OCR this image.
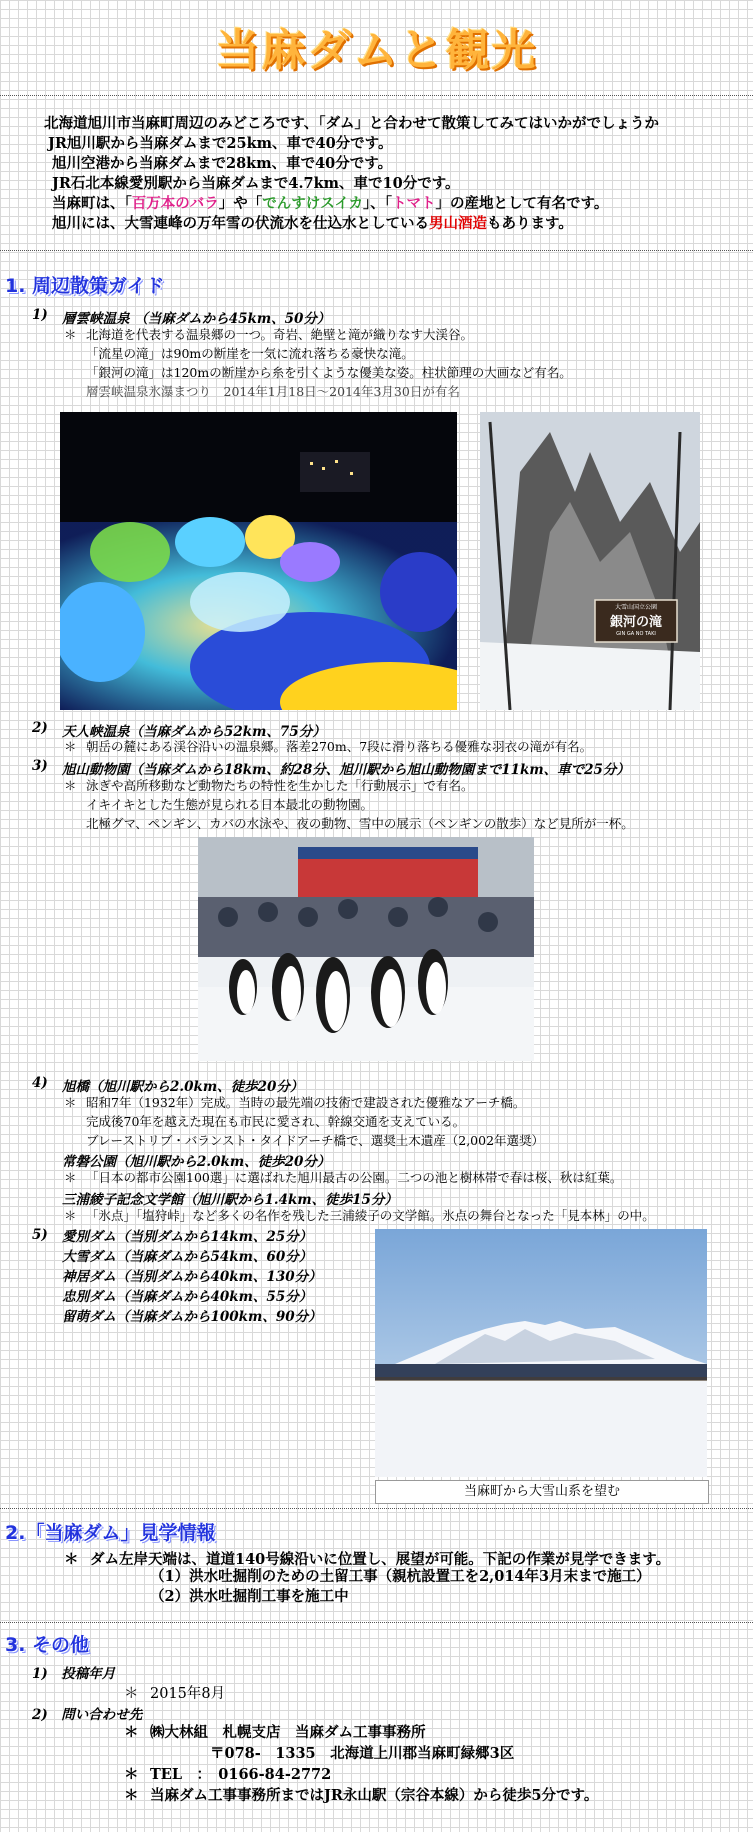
当麻ダムと観光
北海道旭川市当麻町周辺のみどころです、「ダム」と合わせて散策してみてはいかがでしょうか
JR旭川駅から当麻ダムまで25km、車で40分です。
旭川空港から当麻ダムまで28km、車で40分です。
JR石北本線愛別駅から当麻ダムまで4.7km、車で10分です。
当麻町は、「百万本のバラ」や「でんすけスイカ」、「トマト」の産地として有名です。
旭川には、大雪連峰の万年雪の伏流水を仕込水としている男山酒造もあります。
1. 周辺散策ガイド
1) 層雲峡温泉 （当麻ダムから45km、50分）
＊ 北海道を代表する温泉郷の一つ。奇岩、絶壁と滝が織りなす大渓谷。
「流星の滝」は90mの断崖を一気に流れ落ちる豪快な滝。
「銀河の滝」は120mの断崖から糸を引くような優美な姿。柱状節理の大画など有名。
層雲峡温泉氷瀑まつり　2014年1月18日～2014年3月30日が有名
大雪山国立公園
銀河の滝
GIN GA NO TAKI
2) 天人峡温泉（当麻ダムから52km、75分）
＊ 朝岳の麓にある渓谷沿いの温泉郷。落差270m、7段に滑り落ちる優雅な羽衣の滝が有名。
3) 旭山動物園（当麻ダムから18km、約28分、旭川駅から旭山動物園まで11km、車で25分）
＊ 泳ぎや高所移動など動物たちの特性を生かした「行動展示」で有名。
イキイキとした生態が見られる日本最北の動物園。
北極グマ、ペンギン、カバの水泳や、夜の動物、雪中の展示（ペンギンの散歩）など見所が一杯。
4) 旭橋（旭川駅から2.0km、徒歩20分）
＊ 昭和7年（1932年）完成。当時の最先端の技術で建設された優雅なアーチ橋。
完成後70年を越えた現在も市民に愛され、幹線交通を支えている。
ブレーストリブ・バランスト・タイドアーチ橋で、選奨土木遺産（2,002年選奨）
常磐公園（旭川駅から2.0km、徒歩20分）
＊ 「日本の都市公園100選」に選ばれた旭川最古の公園。二つの池と樹林帯で春は桜、秋は紅葉。
三浦綾子記念文学館（旭川駅から1.4km、徒歩15分）
＊ 「氷点」「塩狩峠」など多くの名作を残した三浦綾子の文学館。氷点の舞台となった「見本林」の中。
5) 愛別ダム（当別ダムから14km、25分）
大雪ダム（当麻ダムから54km、60分）
神居ダム（当別ダムから40km、130分）
忠別ダム（当麻ダムから40km、55分）
留萌ダム（当麻ダムから100km、90分）
当麻町から大雪山系を望む
2.「当麻ダム」見学情報
＊ ダム左岸天端は、道道140号線沿いに位置し、展望が可能。下記の作業が見学できます。
（1）洪水吐掘削のための土留工事（親杭設置工を2,014年3月末まで施工）
（2）洪水吐掘削工事を施工中
3. その他
1)　投稿年月
＊ 2015年8月
2)　問い合わせ先
＊ ㈱大林組　札幌支店　当麻ダム工事事務所
〒078-　1335　北海道上川郡当麻町緑郷3区
＊ TEL　：　0166-84-2772
＊ 当麻ダム工事事務所まではJR永山駅（宗谷本線）から徒歩5分です。
